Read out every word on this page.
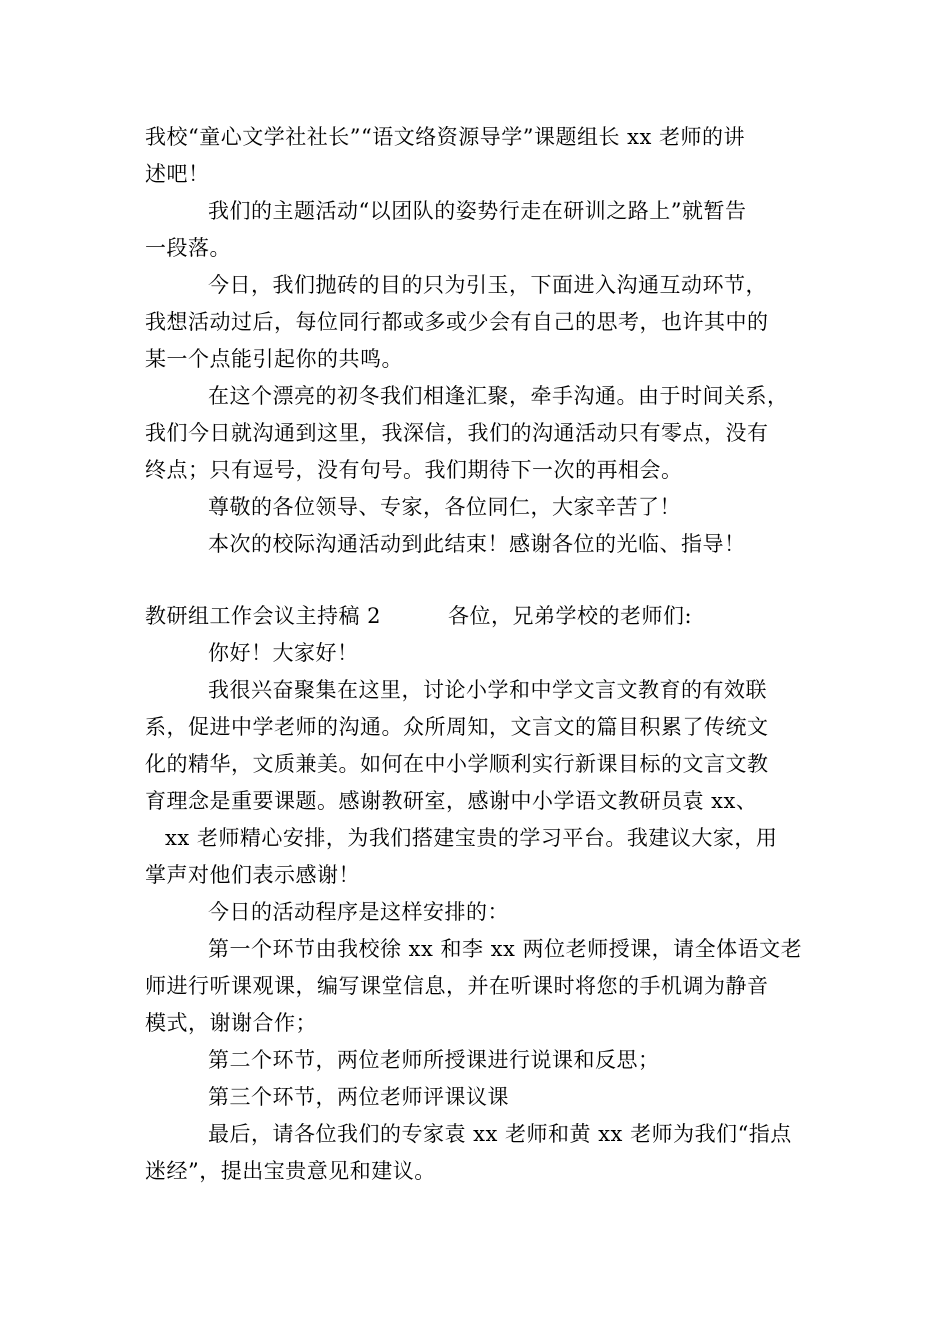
我校“童心文学社社长”“语文络资源导学”课题组长 xx 老师的讲
述吧！
我们的主题活动“以团队的姿势行走在研训之路上”就暂告
一段落。
今日，我们抛砖的目的只为引玉，下面进入沟通互动环节，
我想活动过后，每位同行都或多或少会有自己的思考，也许其中的
某一个点能引起你的共鸣。
在这个漂亮的初冬我们相逢汇聚，牵手沟通。由于时间关系，
我们今日就沟通到这里，我深信，我们的沟通活动只有零点，没有
终点；只有逗号，没有句号。我们期待下一次的再相会。
尊敬的各位领导、专家，各位同仁，大家辛苦了！
本次的校际沟通活动到此结束！感谢各位的光临、指导！
教研组工作会议主持稿 2	各位，兄弟学校的老师们:
你好！大家好！
我很兴奋聚集在这里，讨论小学和中学文言文教育的有效联
系，促进中学老师的沟通。众所周知，文言文的篇目积累了传统文
化的精华，文质兼美。如何在中小学顺利实行新课目标的文言文教
育理念是重要课题。感谢教研室，感谢中小学语文教研员袁 xx、
xx 老师精心安排，为我们搭建宝贵的学习平台。我建议大家，用
掌声对他们表示感谢！
今日的活动程序是这样安排的：
第一个环节由我校徐 xx 和李 xx 两位老师授课，请全体语文老
师进行听课观课，编写课堂信息，并在听课时将您的手机调为静音
模式，谢谢合作；
第二个环节，两位老师所授课进行说课和反思；
第三个环节，两位老师评课议课
最后，请各位我们的专家袁 xx 老师和黄 xx 老师为我们“指点
迷经”，提出宝贵意见和建议。
